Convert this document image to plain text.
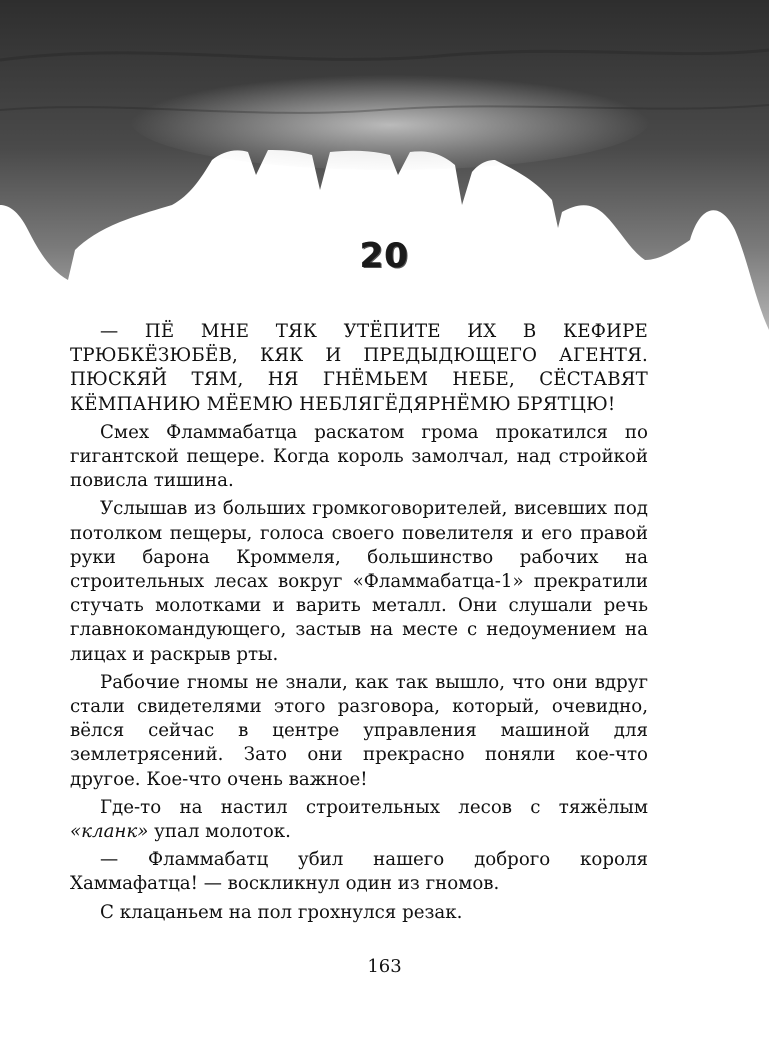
20

— ПЁ МНЕ ТЯК УТЁПИТЕ ИХ В КЕФИРЕ ТРЮБКЁЗЮБЁВ, КЯК И ПРЕДЫДЮЩЕГО АГЕНТЯ. ПЮСКЯЙ ТЯМ, НЯ ГНЁМЬЕМ НЕБЕ, СЁСТАВЯТ КЁМПАНИЮ МЁЕМЮ НЕБЛЯГЁДЯРНЁМЮ БРЯТЦЮ!

Смех Фламмабатца раскатом грома прокатился по гигантской пещере. Когда король замолчал, над стройкой повисла тишина.

Услышав из больших громкоговорителей, висевших под потолком пещеры, голоса своего повелителя и его правой руки барона Кроммеля, большинство рабочих на строительных лесах вокруг «Фламмабатца-1» прекратили стучать молотками и варить металл. Они слушали речь главнокомандующего, застыв на месте с недоумением на лицах и раскрыв рты.

Рабочие гномы не знали, как так вышло, что они вдруг стали свидетелями этого разговора, который, очевидно, вёлся сейчас в центре управления машиной для землетрясений. Зато они прекрасно поняли кое-что другое. Кое-что очень важное!

Где-то на настил строительных лесов с тяжёлым «кланк» упал молоток.

— Фламмабатц убил нашего доброго короля Хаммафатца! — воскликнул один из гномов.

С клацаньем на пол грохнулся резак.

163
